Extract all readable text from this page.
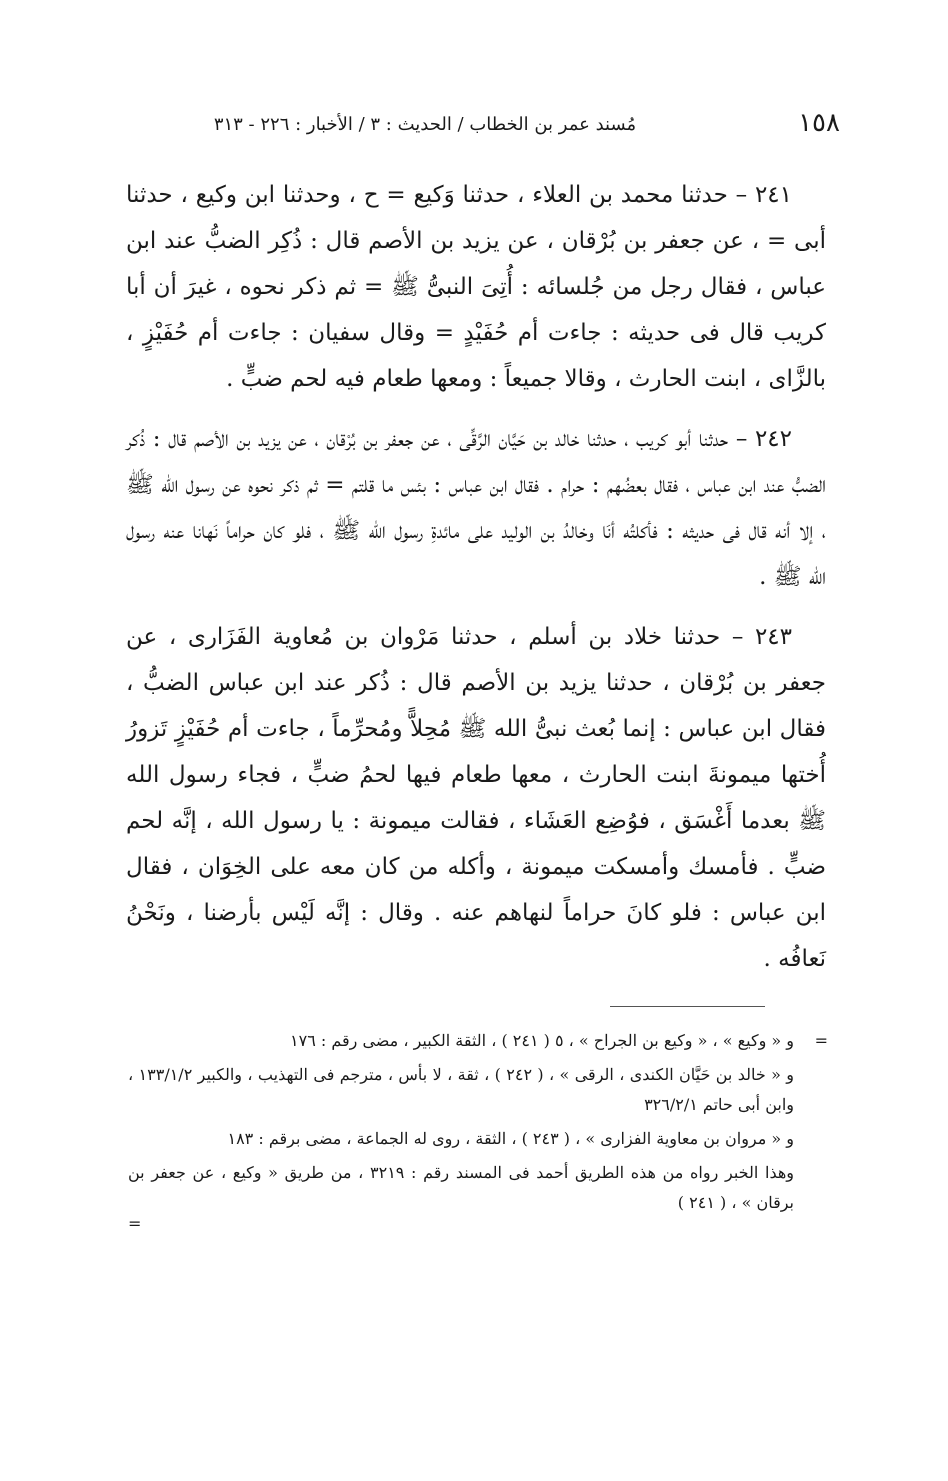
١٥٨
مُسند عمر بن الخطاب / الحديث : ٣ / الأخبار : ٢٢٦ - ٣١٣

٢٤١ – حدثنا محمد بن العلاء ، حدثنا وَكيع = ح ، وحدثنا ابن وكيع ، حدثنا أبى = ، عن جعفر بن بُرْقان ، عن يزيد بن الأصم قال : ذُكِر الضبُّ عند ابن عباس ، فقال رجل من جُلسائه : أُتِىَ النبىُّ ﷺ = ثم ذكر نحوه ، غيرَ أن أبا كريب قال فى حديثه : جاءت أم حُفَيْدٍ = وقال سفيان : جاءت أم حُفَيْزٍ ، بالزَّاى ، ابنت الحارث ، وقالا جميعاً : ومعها طعام فيه لحم ضبٍّ .

٢٤٢ – حدثنا أبو كريب ، حدثنا خالد بن حَيَّان الرَّقِّى ، عن جعفر بن بُرْقان ، عن يزيد بن الأصم قال : ذُكر الضبُّ عند ابن عباس ، فقال بعضُهم : حرام . فقال ابن عباس : بئس ما قلتم = ثم ذكر نحوه عن رسول الله ﷺ ، إلا أنه قال فى حديثه : فأكلتُه أنَا وخالدُ بن الوليد على مائدةِ رسول الله ﷺ ، فلو كان حراماً نَهانا عنه رسول الله ﷺ .

٢٤٣ – حدثنا خلاد بن أسلم ، حدثنا مَرْوان بن مُعاوية الفَزَارى ، عن جعفر بن بُرْقان ، حدثنا يزيد بن الأصم قال : ذُكر عند ابن عباس الضبُّ ، فقال ابن عباس : إنما بُعث نبىُّ الله ﷺ مُحِلاًّ ومُحرِّماً ، جاءت أم حُفَيْزٍ تَزورُ أُختها ميمونةَ ابنت الحارث ، معها طعام فيها لحمُ ضبٍّ ، فجاء رسول الله ﷺ بعدما أَغْسَق ، فوُضِع العَشَاء ، فقالت ميمونة : يا رسول الله ، إنَّه لحم ضبٍّ . فأمسك وأمسكت ميمونة ، وأكله من كان معه على الخِوَان ، فقال ابن عباس : فلو كانَ حراماً لنهاهم عنه . وقال : إنَّه لَيْس بأرضنا ، ونَحْنُ نَعافُه .

=
و « وكيع » ، « وكيع بن الجراح » ، ٥ ( ٢٤١ ) ، الثقة الكبير ، مضى رقم : ١٧٦

و « خالد بن حَيَّان الكندى ، الرقى » ، ( ٢٤٢ ) ، ثقة ، لا بأس ، مترجم فى التهذيب ، والكبير ١٣٣/١/٢ ، وابن أبى حاتم ٣٢٦/٢/١

و « مروان بن معاوية الفزارى » ، ( ٢٤٣ ) ، الثقة ، روى له الجماعة ، مضى برقم : ١٨٣

وهذا الخبر رواه من هذه الطريق أحمد فى المسند رقم : ٣٢١٩ ، من طريق « وكيع ، عن جعفر بن برقان » ، ( ٢٤١ )

=
